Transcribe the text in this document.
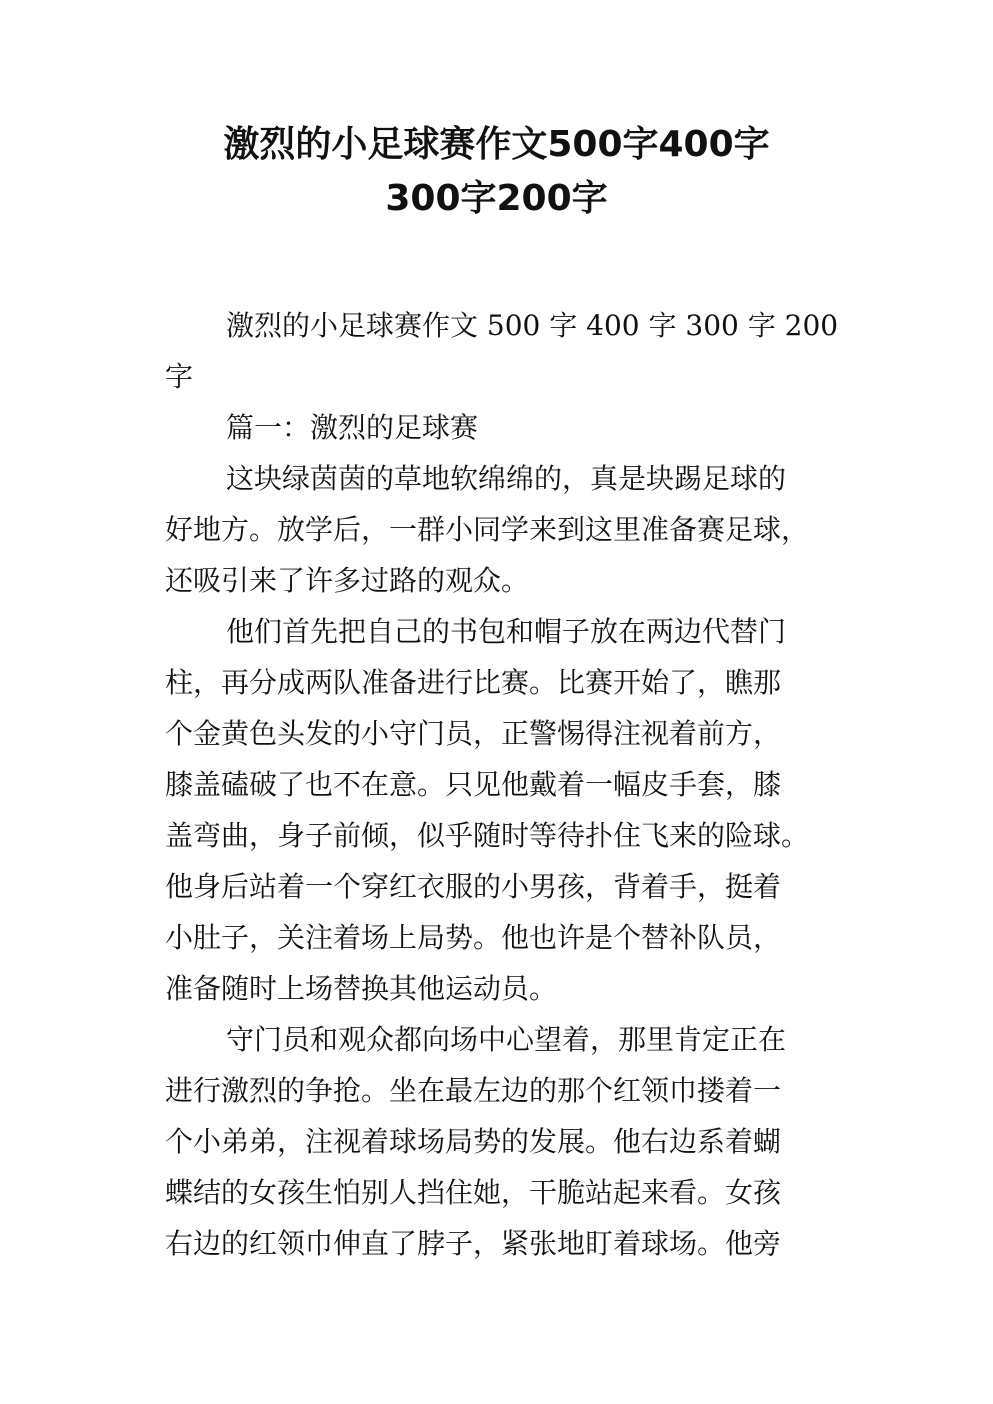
激烈的小足球赛作文500字400字
300字200字

激烈的小足球赛作文 500 字 400 字 300 字 200
字

篇一：激烈的足球赛

这块绿茵茵的草地软绵绵的，真是块踢足球的
好地方。放学后，一群小同学来到这里准备赛足球，
还吸引来了许多过路的观众。

他们首先把自己的书包和帽子放在两边代替门
柱，再分成两队准备进行比赛。比赛开始了，瞧那
个金黄色头发的小守门员，正警惕得注视着前方，
膝盖磕破了也不在意。只见他戴着一幅皮手套，膝
盖弯曲，身子前倾，似乎随时等待扑住飞来的险球。
他身后站着一个穿红衣服的小男孩，背着手，挺着
小肚子，关注着场上局势。他也许是个替补队员，
准备随时上场替换其他运动员。

守门员和观众都向场中心望着，那里肯定正在
进行激烈的争抢。坐在最左边的那个红领巾搂着一
个小弟弟，注视着球场局势的发展。他右边系着蝴
蝶结的女孩生怕别人挡住她，干脆站起来看。女孩
右边的红领巾伸直了脖子，紧张地盯着球场。他旁
